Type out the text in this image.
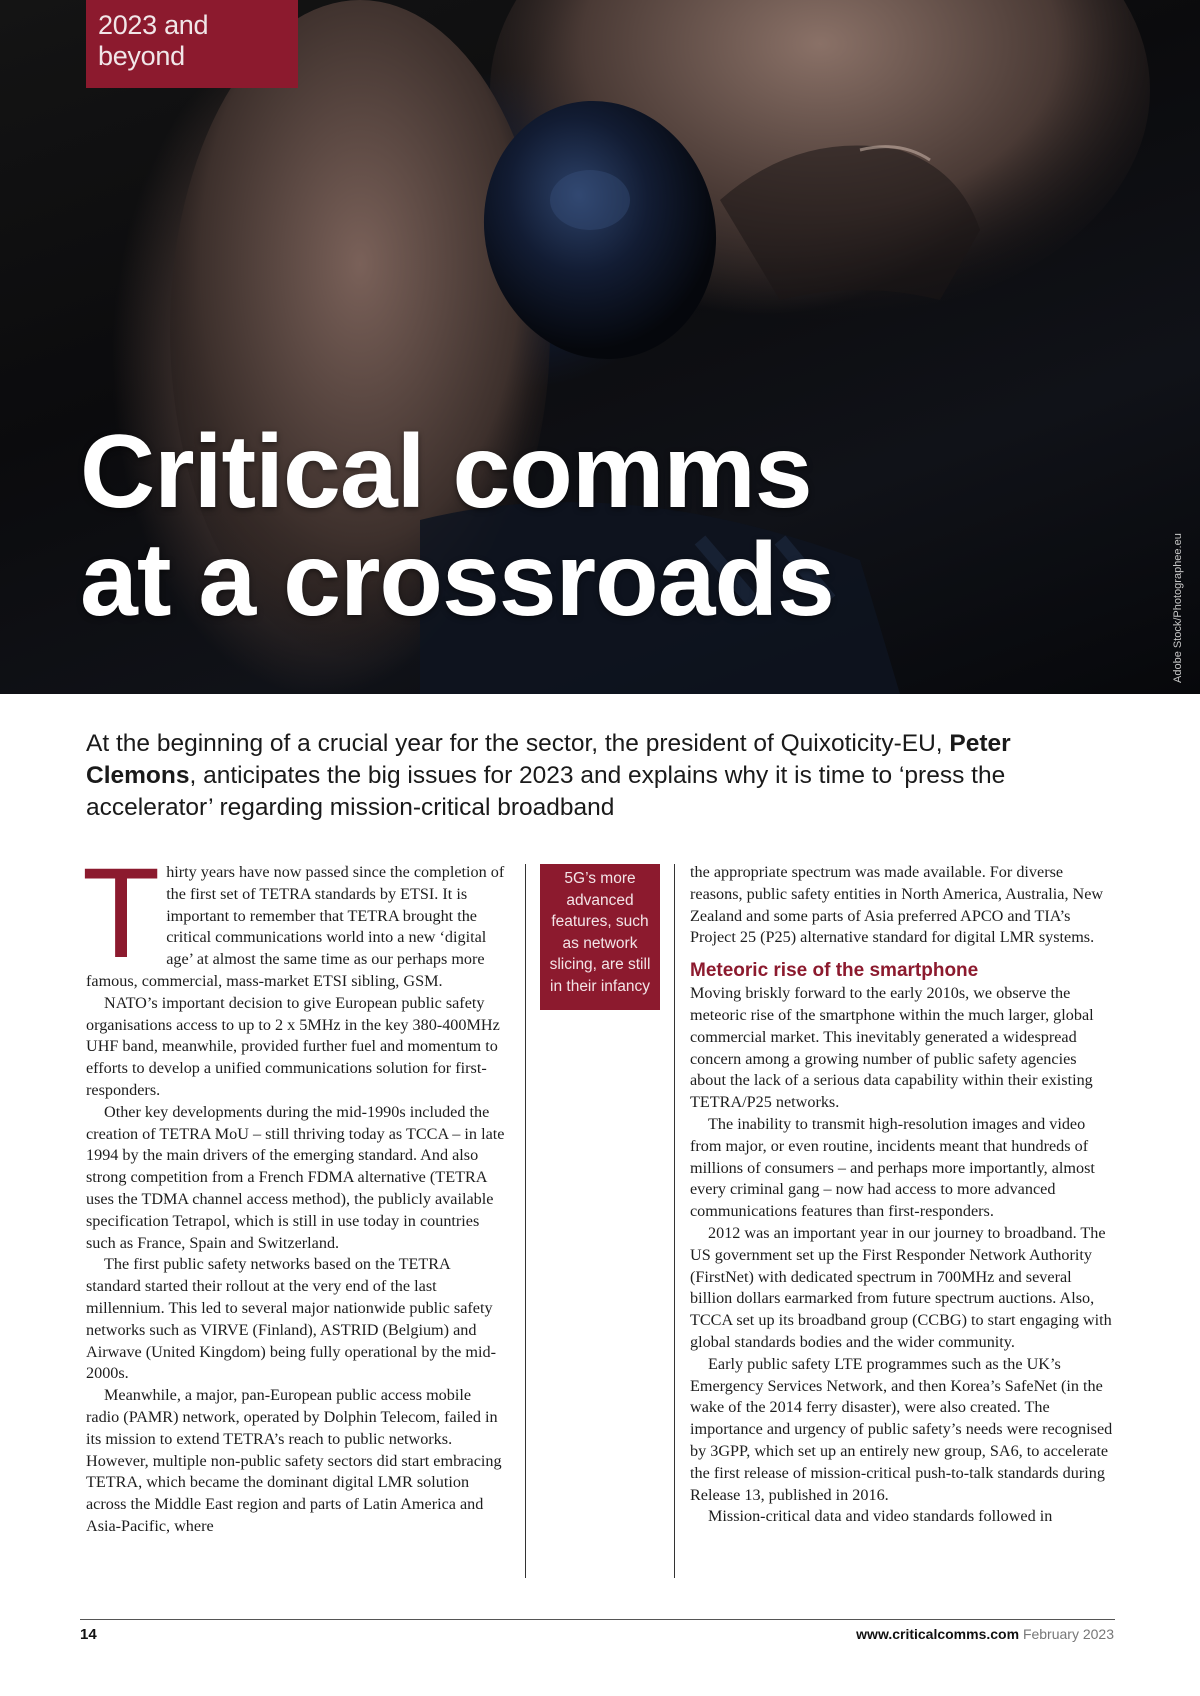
2023 and beyond
Critical comms
at a crossroads	Adobe Stock/Photographee.eu

At the beginning of a crucial year for the sector, the president of Quixoticity-EU, Peter Clemons, anticipates the big issues for 2023 and explains why it is time to ‘press the accelerator’ regarding mission-critical broadband

Thirty years have now passed since the completion of the first set of TETRA standards by ETSI. It is important to remember that TETRA brought the critical communications world into a new ‘digital age’ at almost the same time as our perhaps more famous, commercial, mass-market ETSI sibling, GSM.

NATO’s important decision to give European public safety organisations access to up to 2 x 5MHz in the key 380-400MHz UHF band, meanwhile, provided further fuel and momentum to efforts to develop a unified communications solution for first-responders.

Other key developments during the mid-1990s included the creation of TETRA MoU – still thriving today as TCCA – in late 1994 by the main drivers of the emerging standard. And also strong competition from a French FDMA alternative (TETRA uses the TDMA channel access method), the publicly available specification Tetrapol, which is still in use today in countries such as France, Spain and Switzerland.

The first public safety networks based on the TETRA standard started their rollout at the very end of the last millennium. This led to several major nationwide public safety networks such as VIRVE (Finland), ASTRID (Belgium) and Airwave (United Kingdom) being fully operational by the mid-2000s.

Meanwhile, a major, pan-European public access mobile radio (PAMR) network, operated by Dolphin Telecom, failed in its mission to extend TETRA’s reach to public networks. However, multiple non-public safety sectors did start embracing TETRA, which became the dominant digital LMR solution across the Middle East region and parts of Latin America and Asia-Pacific, where

5G’s more advanced features, such as network slicing, are still in their infancy

the appropriate spectrum was made available. For diverse reasons, public safety entities in North America, Australia, New Zealand and some parts of Asia preferred APCO and TIA’s Project 25 (P25) alternative standard for digital LMR systems.

Meteoric rise of the smartphone

Moving briskly forward to the early 2010s, we observe the meteoric rise of the smartphone within the much larger, global commercial market. This inevitably generated a widespread concern among a growing number of public safety agencies about the lack of a serious data capability within their existing TETRA/P25 networks.

The inability to transmit high-resolution images and video from major, or even routine, incidents meant that hundreds of millions of consumers – and perhaps more importantly, almost every criminal gang – now had access to more advanced communications features than first-responders.

2012 was an important year in our journey to broadband. The US government set up the First Responder Network Authority (FirstNet) with dedicated spectrum in 700MHz and several billion dollars earmarked from future spectrum auctions. Also, TCCA set up its broadband group (CCBG) to start engaging with global standards bodies and the wider community.

Early public safety LTE programmes such as the UK’s Emergency Services Network, and then Korea’s SafeNet (in the wake of the 2014 ferry disaster), were also created. The importance and urgency of public safety’s needs were recognised by 3GPP, which set up an entirely new group, SA6, to accelerate the first release of mission-critical push-to-talk standards during Release 13, published in 2016.

Mission-critical data and video standards followed in

14	www.criticalcomms.com February 2023
